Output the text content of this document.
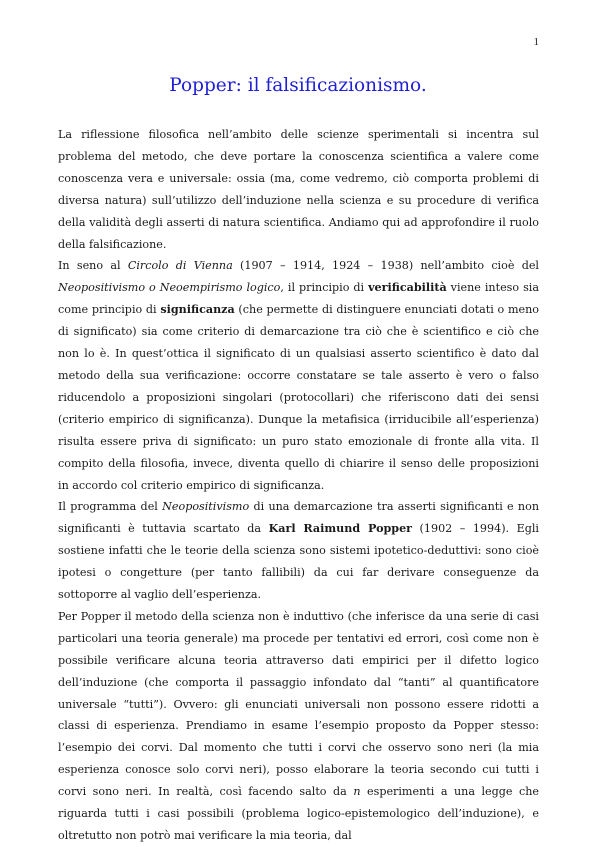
1
Popper: il falsificazionismo.

La riflessione filosofica nell’ambito delle scienze sperimentali si incentra sul problema del metodo, che deve portare la conoscenza scientifica a valere come conoscenza vera e universale: ossia (ma, come vedremo, ciò comporta problemi di diversa natura) sull’utilizzo dell’induzione nella scienza e su procedure di verifica della validità degli asserti di natura scientifica. Andiamo qui ad approfondire il ruolo della falsificazione.

In seno al Circolo di Vienna (1907 – 1914, 1924 – 1938) nell’ambito cioè del Neopositivismo o Neoempirismo logico, il principio di verificabilità viene inteso sia come principio di significanza (che permette di distinguere enunciati dotati o meno di significato) sia come criterio di demarcazione tra ciò che è scientifico e ciò che non lo è. In quest’ottica il significato di un qualsiasi asserto scientifico è dato dal metodo della sua verificazione: occorre constatare se tale asserto è vero o falso riducendolo a proposizioni singolari (protocollari) che riferiscono dati dei sensi (criterio empirico di significanza). Dunque la metafisica (irriducibile all’esperienza) risulta essere priva di significato: un puro stato emozionale di fronte alla vita. Il compito della filosofia, invece, diventa quello di chiarire il senso delle proposizioni in accordo col criterio empirico di significanza.

Il programma del Neopositivismo di una demarcazione tra asserti significanti e non significanti è tuttavia scartato da Karl Raimund Popper (1902 – 1994). Egli sostiene infatti che le teorie della scienza sono sistemi ipotetico-deduttivi: sono cioè ipotesi o congetture (per tanto fallibili) da cui far derivare conseguenze da sottoporre al vaglio dell’esperienza.

Per Popper il metodo della scienza non è induttivo (che inferisce da una serie di casi particolari una teoria generale) ma procede per tentativi ed errori, così come non è possibile verificare alcuna teoria attraverso dati empirici per il difetto logico dell’induzione (che comporta il passaggio infondato dal “tanti” al quantificatore universale “tutti”). Ovvero: gli enunciati universali non possono essere ridotti a classi di esperienza. Prendiamo in esame l’esempio proposto da Popper stesso: l’esempio dei corvi. Dal momento che tutti i corvi che osservo sono neri (la mia esperienza conosce solo corvi neri), posso elaborare la teoria secondo cui tutti i corvi sono neri. In realtà, così facendo salto da n esperimenti a una legge che riguarda tutti i casi possibili (problema logico-epistemologico dell’induzione), e oltretutto non potrò mai verificare la mia teoria, dal
